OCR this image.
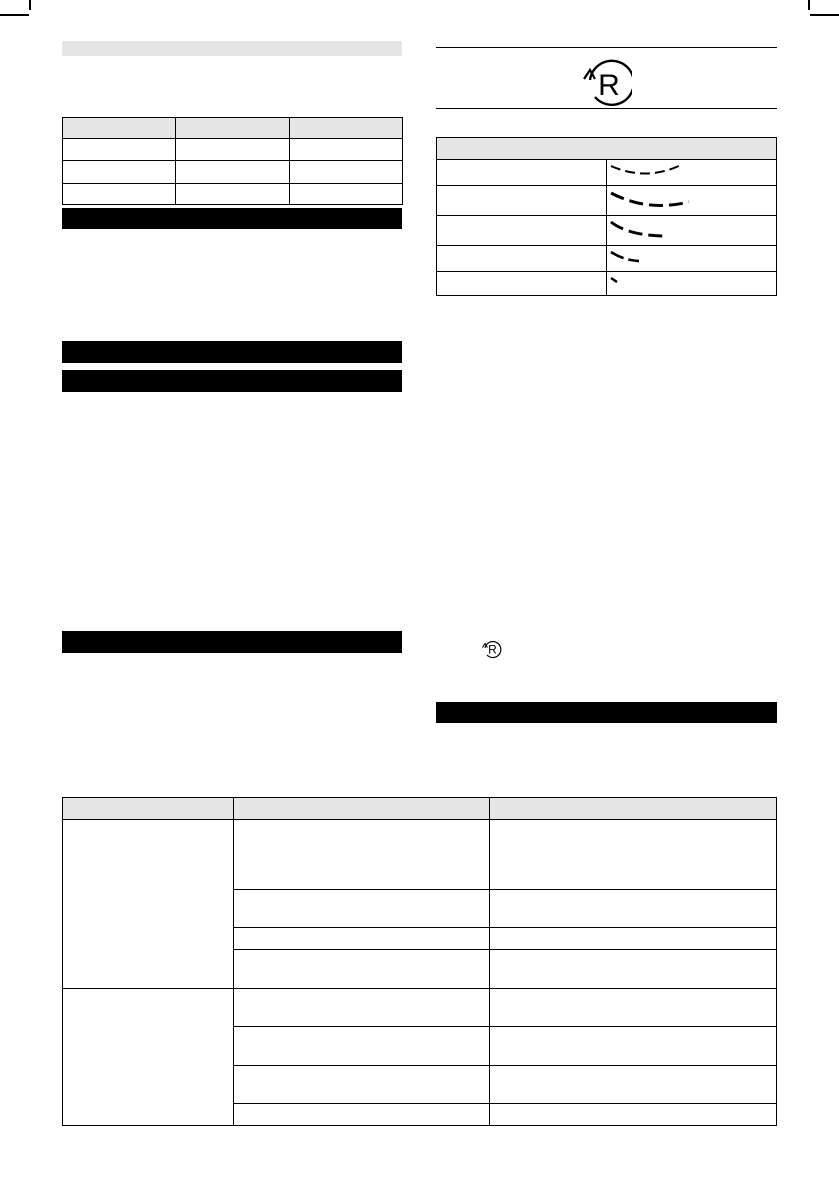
R

R
